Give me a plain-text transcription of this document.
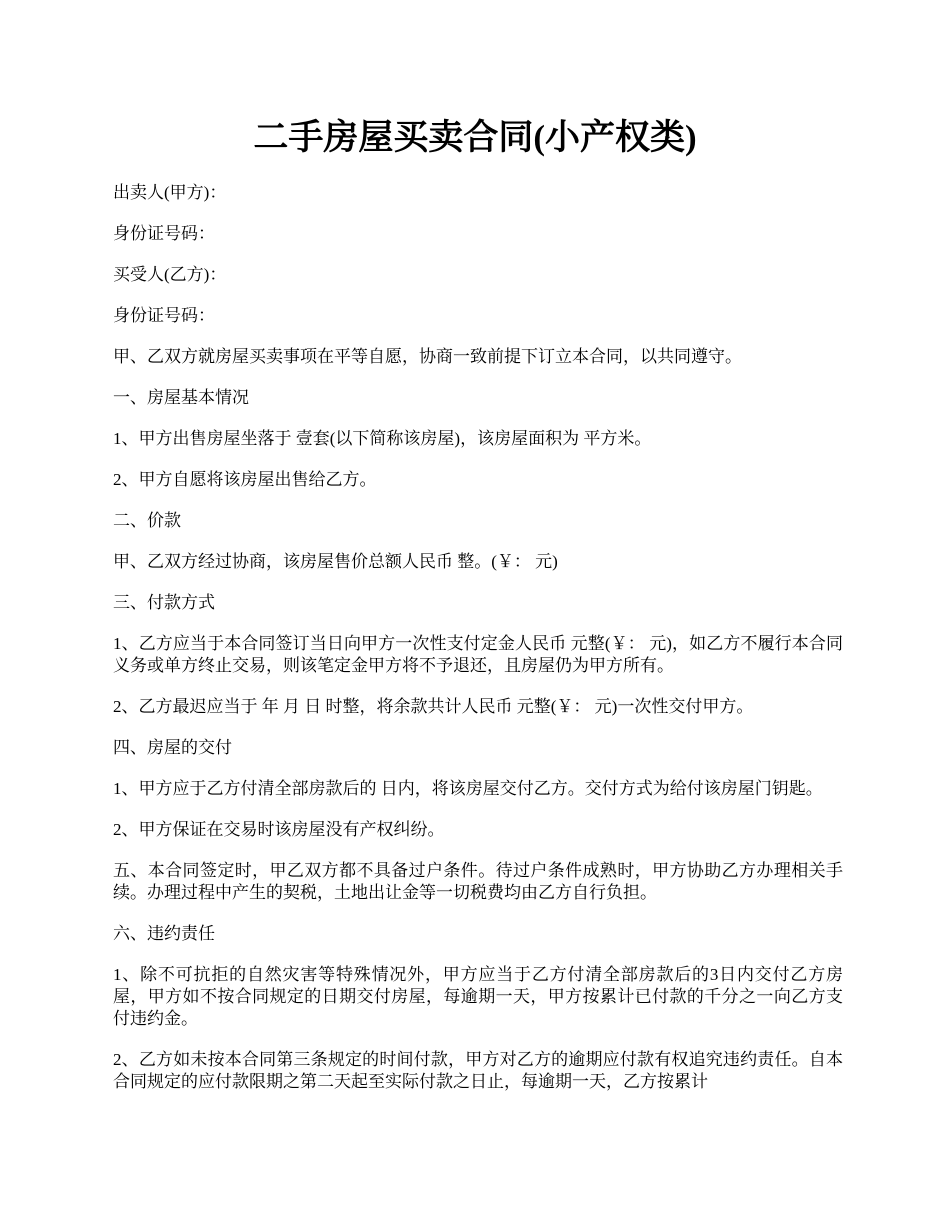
二手房屋买卖合同(小产权类)

出卖人(甲方)：

身份证号码：

买受人(乙方)：

身份证号码：

甲、乙双方就房屋买卖事项在平等自愿，协商一致前提下订立本合同，以共同遵守。

一、房屋基本情况

1、甲方出售房屋坐落于 壹套(以下简称该房屋)，该房屋面积为 平方米。

2、甲方自愿将该房屋出售给乙方。

二、价款

甲、乙双方经过协商，该房屋售价总额人民币 整。(￥： 元)

三、付款方式

1、乙方应当于本合同签订当日向甲方一次性支付定金人民币 元整(￥： 元)，如乙方不履行本合同义务或单方终止交易，则该笔定金甲方将不予退还，且房屋仍为甲方所有。

2、乙方最迟应当于 年 月 日 时整，将余款共计人民币 元整(￥： 元)一次性交付甲方。

四、房屋的交付

1、甲方应于乙方付清全部房款后的 日内，将该房屋交付乙方。交付方式为给付该房屋门钥匙。

2、甲方保证在交易时该房屋没有产权纠纷。

五、本合同签定时，甲乙双方都不具备过户条件。待过户条件成熟时，甲方协助乙方办理相关手续。办理过程中产生的契税，土地出让金等一切税费均由乙方自行负担。

六、违约责任

1、除不可抗拒的自然灾害等特殊情况外，甲方应当于乙方付清全部房款后的3日内交付乙方房屋，甲方如不按合同规定的日期交付房屋，每逾期一天，甲方按累计已付款的千分之一向乙方支付违约金。

2、乙方如未按本合同第三条规定的时间付款，甲方对乙方的逾期应付款有权追究违约责任。自本合同规定的应付款限期之第二天起至实际付款之日止，每逾期一天，乙方按累计
